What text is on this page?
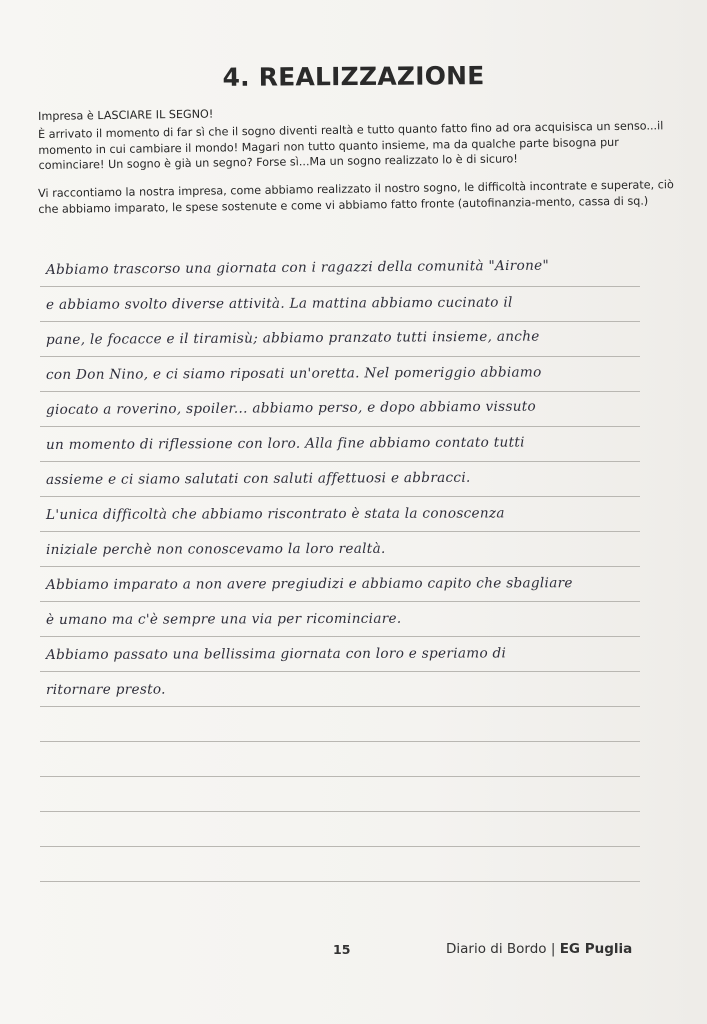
4. REALIZZAZIONE
Impresa è LASCIARE IL SEGNO!
È arrivato il momento di far sì che il sogno diventi realtà e tutto quanto fatto fino ad ora acquisisca un senso...il momento in cui cambiare il mondo! Magari non tutto quanto insieme, ma da qualche parte bisogna pur cominciare! Un sogno è già un segno? Forse sì...Ma un sogno realizzato lo è di sicuro!
Vi raccontiamo la nostra impresa, come abbiamo realizzato il nostro sogno, le difficoltà incontrate e superate, ciò che abbiamo imparato, le spese sostenute e come vi abbiamo fatto fronte (autofinanzia-mento, cassa di sq.)
Abbiamo trascorso una giornata con i ragazzi della comunità "Airone"
e abbiamo svolto diverse attività. La mattina abbiamo cucinato il
pane, le focacce e il tiramisù; abbiamo pranzato tutti insieme, anche
con Don Nino, e ci siamo riposati un'oretta. Nel pomeriggio abbiamo
giocato a roverino, spoiler... abbiamo perso, e dopo abbiamo vissuto
un momento di riflessione con loro. Alla fine abbiamo contato tutti
assieme e ci siamo salutati con saluti affettuosi e abbracci.
L'unica difficoltà che abbiamo riscontrato è stata la conoscenza
iniziale perchè non conoscevamo la loro realtà.
Abbiamo imparato a non avere pregiudizi e abbiamo capito che sbagliare
è umano ma c'è sempre una via per ricominciare.
Abbiamo passato una bellissima giornata con loro e speriamo di
ritornare presto.
15	Diario di Bordo | EG Puglia
